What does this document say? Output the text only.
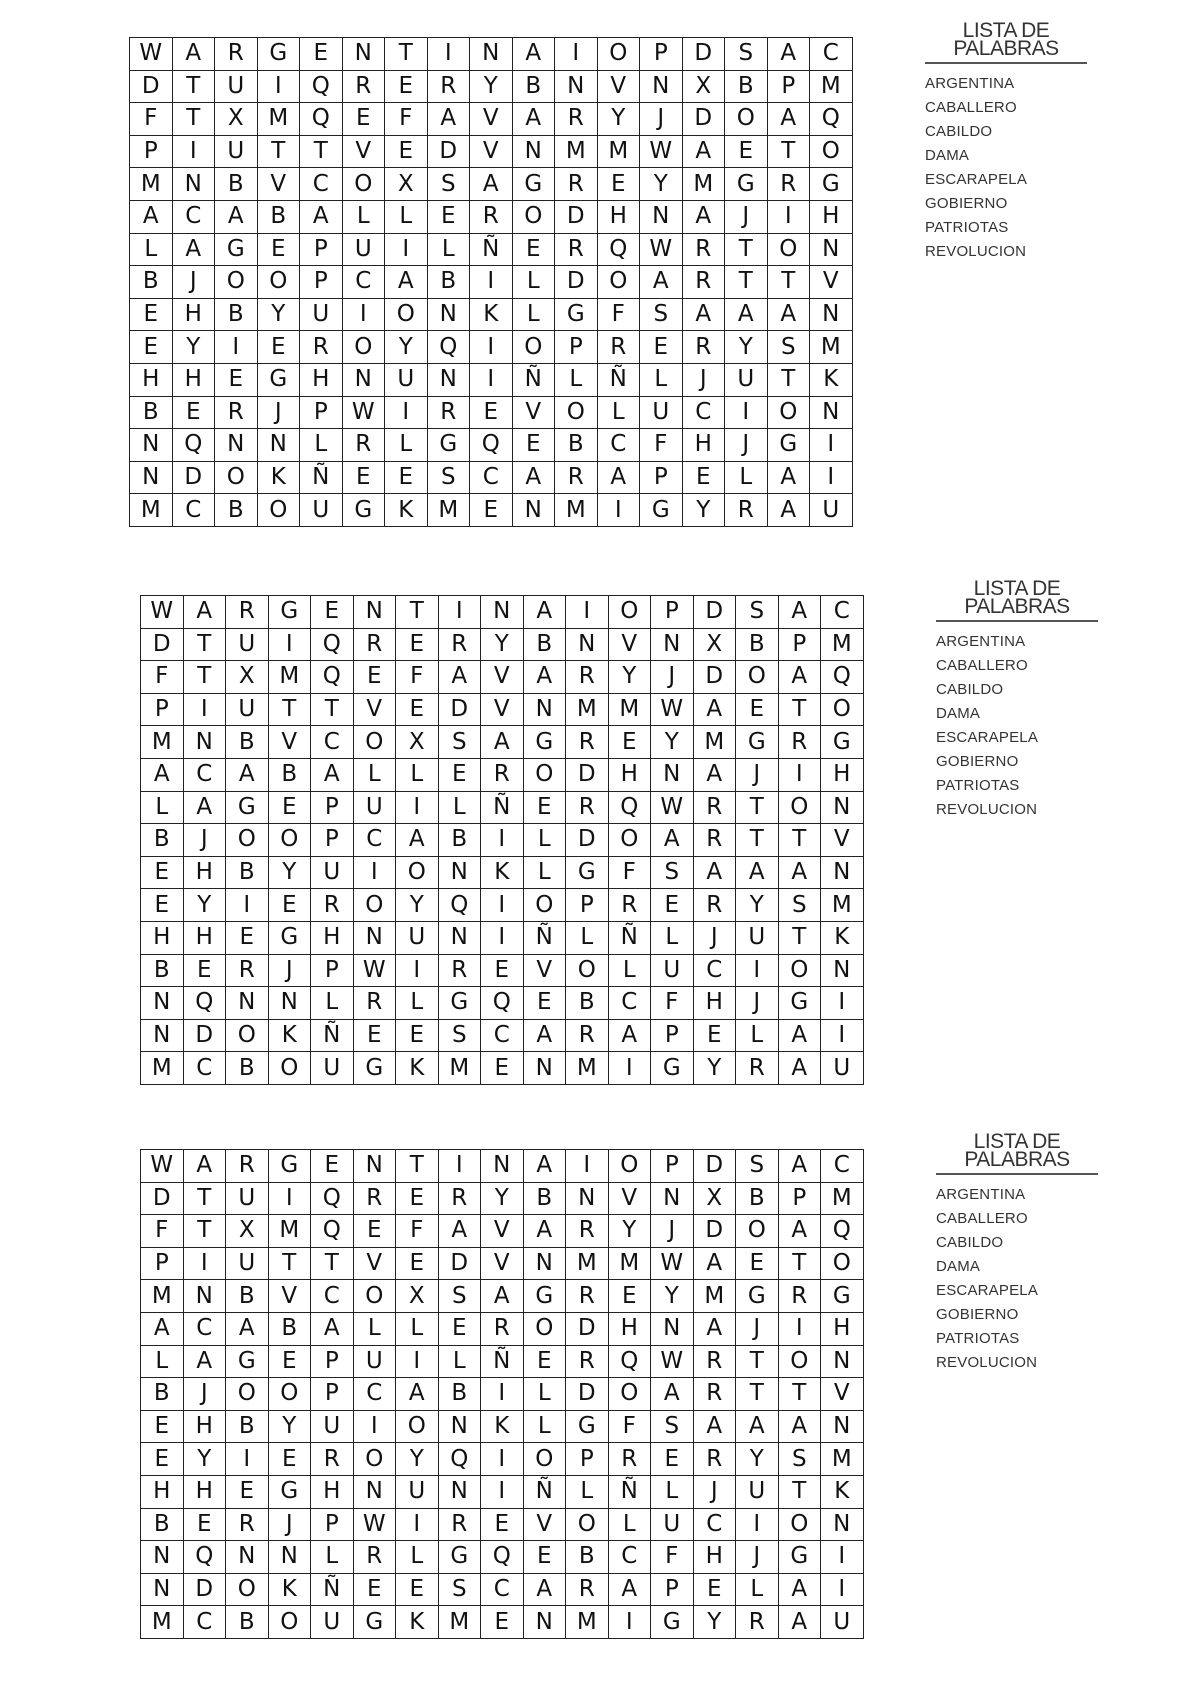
W	A	R	G	E	N	T	I	N	A	I	O	P	D	S	A	C
D	T	U	I	Q	R	E	R	Y	B	N	V	N	X	B	P	M
F	T	X	M	Q	E	F	A	V	A	R	Y	J	D	O	A	Q
P	I	U	T	T	V	E	D	V	N	M	M	W	A	E	T	O
M	N	B	V	C	O	X	S	A	G	R	E	Y	M	G	R	G
A	C	A	B	A	L	L	E	R	O	D	H	N	A	J	I	H
L	A	G	E	P	U	I	L	Ñ	E	R	Q	W	R	T	O	N
B	J	O	O	P	C	A	B	I	L	D	O	A	R	T	T	V
E	H	B	Y	U	I	O	N	K	L	G	F	S	A	A	A	N
E	Y	I	E	R	O	Y	Q	I	O	P	R	E	R	Y	S	M
H	H	E	G	H	N	U	N	I	Ñ	L	Ñ	L	J	U	T	K
B	E	R	J	P	W	I	R	E	V	O	L	U	C	I	O	N
N	Q	N	N	L	R	L	G	Q	E	B	C	F	H	J	G	I
N	D	O	K	Ñ	E	E	S	C	A	R	A	P	E	L	A	I
M	C	B	O	U	G	K	M	E	N	M	I	G	Y	R	A	U
LISTA DE
PALABRAS
ARGENTINA
CABALLERO
CABILDO
DAMA
ESCARAPELA
GOBIERNO
PATRIOTAS
REVOLUCION
W	A	R	G	E	N	T	I	N	A	I	O	P	D	S	A	C
D	T	U	I	Q	R	E	R	Y	B	N	V	N	X	B	P	M
F	T	X	M	Q	E	F	A	V	A	R	Y	J	D	O	A	Q
P	I	U	T	T	V	E	D	V	N	M	M	W	A	E	T	O
M	N	B	V	C	O	X	S	A	G	R	E	Y	M	G	R	G
A	C	A	B	A	L	L	E	R	O	D	H	N	A	J	I	H
L	A	G	E	P	U	I	L	Ñ	E	R	Q	W	R	T	O	N
B	J	O	O	P	C	A	B	I	L	D	O	A	R	T	T	V
E	H	B	Y	U	I	O	N	K	L	G	F	S	A	A	A	N
E	Y	I	E	R	O	Y	Q	I	O	P	R	E	R	Y	S	M
H	H	E	G	H	N	U	N	I	Ñ	L	Ñ	L	J	U	T	K
B	E	R	J	P	W	I	R	E	V	O	L	U	C	I	O	N
N	Q	N	N	L	R	L	G	Q	E	B	C	F	H	J	G	I
N	D	O	K	Ñ	E	E	S	C	A	R	A	P	E	L	A	I
M	C	B	O	U	G	K	M	E	N	M	I	G	Y	R	A	U
LISTA DE
PALABRAS
ARGENTINA
CABALLERO
CABILDO
DAMA
ESCARAPELA
GOBIERNO
PATRIOTAS
REVOLUCION
W	A	R	G	E	N	T	I	N	A	I	O	P	D	S	A	C
D	T	U	I	Q	R	E	R	Y	B	N	V	N	X	B	P	M
F	T	X	M	Q	E	F	A	V	A	R	Y	J	D	O	A	Q
P	I	U	T	T	V	E	D	V	N	M	M	W	A	E	T	O
M	N	B	V	C	O	X	S	A	G	R	E	Y	M	G	R	G
A	C	A	B	A	L	L	E	R	O	D	H	N	A	J	I	H
L	A	G	E	P	U	I	L	Ñ	E	R	Q	W	R	T	O	N
B	J	O	O	P	C	A	B	I	L	D	O	A	R	T	T	V
E	H	B	Y	U	I	O	N	K	L	G	F	S	A	A	A	N
E	Y	I	E	R	O	Y	Q	I	O	P	R	E	R	Y	S	M
H	H	E	G	H	N	U	N	I	Ñ	L	Ñ	L	J	U	T	K
B	E	R	J	P	W	I	R	E	V	O	L	U	C	I	O	N
N	Q	N	N	L	R	L	G	Q	E	B	C	F	H	J	G	I
N	D	O	K	Ñ	E	E	S	C	A	R	A	P	E	L	A	I
M	C	B	O	U	G	K	M	E	N	M	I	G	Y	R	A	U
LISTA DE
PALABRAS
ARGENTINA
CABALLERO
CABILDO
DAMA
ESCARAPELA
GOBIERNO
PATRIOTAS
REVOLUCION
